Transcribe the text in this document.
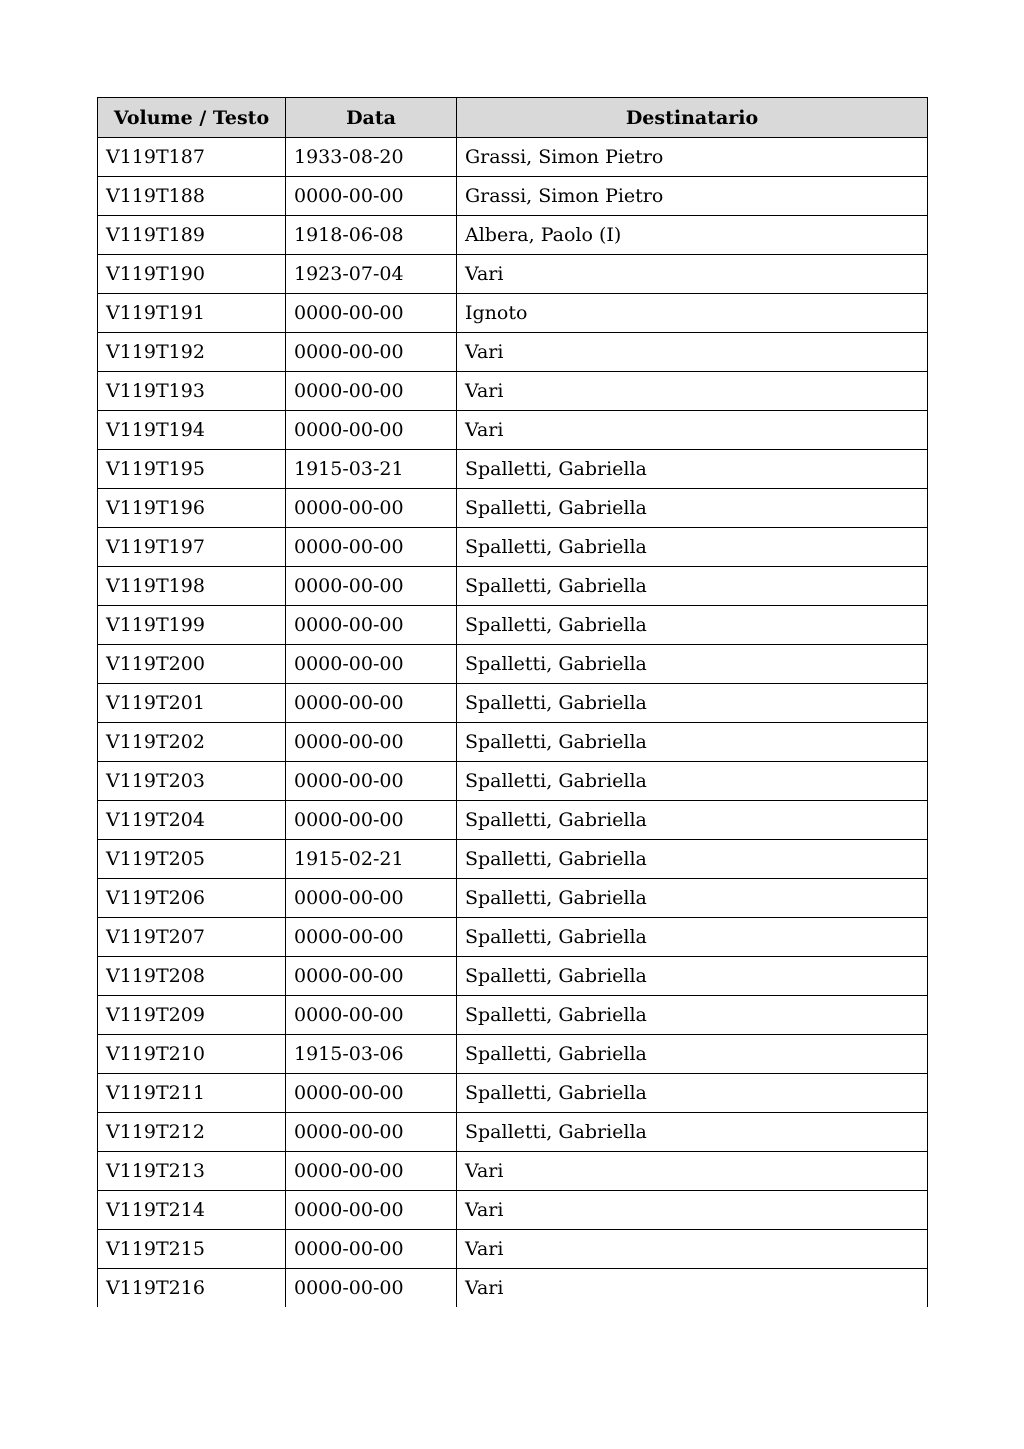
Volume / Testo	Data	Destinatario
V119T187	1933-08-20	Grassi, Simon Pietro
V119T188	0000-00-00	Grassi, Simon Pietro
V119T189	1918-06-08	Albera, Paolo (I)
V119T190	1923-07-04	Vari
V119T191	0000-00-00	Ignoto
V119T192	0000-00-00	Vari
V119T193	0000-00-00	Vari
V119T194	0000-00-00	Vari
V119T195	1915-03-21	Spalletti, Gabriella
V119T196	0000-00-00	Spalletti, Gabriella
V119T197	0000-00-00	Spalletti, Gabriella
V119T198	0000-00-00	Spalletti, Gabriella
V119T199	0000-00-00	Spalletti, Gabriella
V119T200	0000-00-00	Spalletti, Gabriella
V119T201	0000-00-00	Spalletti, Gabriella
V119T202	0000-00-00	Spalletti, Gabriella
V119T203	0000-00-00	Spalletti, Gabriella
V119T204	0000-00-00	Spalletti, Gabriella
V119T205	1915-02-21	Spalletti, Gabriella
V119T206	0000-00-00	Spalletti, Gabriella
V119T207	0000-00-00	Spalletti, Gabriella
V119T208	0000-00-00	Spalletti, Gabriella
V119T209	0000-00-00	Spalletti, Gabriella
V119T210	1915-03-06	Spalletti, Gabriella
V119T211	0000-00-00	Spalletti, Gabriella
V119T212	0000-00-00	Spalletti, Gabriella
V119T213	0000-00-00	Vari
V119T214	0000-00-00	Vari
V119T215	0000-00-00	Vari
V119T216	0000-00-00	Vari
